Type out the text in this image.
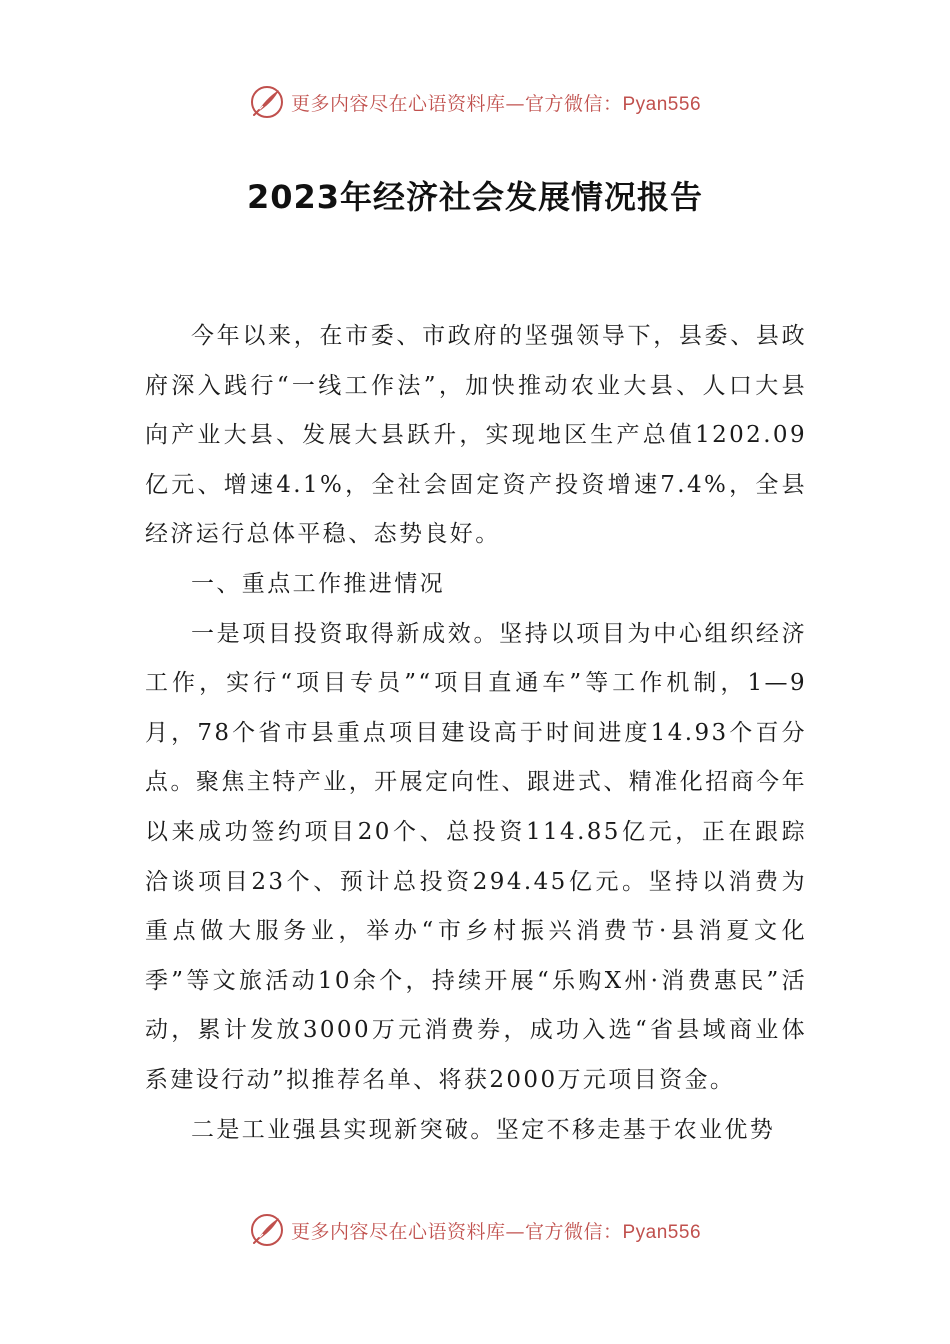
更多内容尽在心语资料库—官方微信：Pyan556
2023年经济社会发展情况报告

今年以来，在市委、市政府的坚强领导下，县委、县政府深入践行“一线工作法”，加快推动农业大县、人口大县向产业大县、发展大县跃升，实现地区生产总值1202.09亿元、增速4.1%，全社会固定资产投资增速7.4%，全县经济运行总体平稳、态势良好。

一、重点工作推进情况

一是项目投资取得新成效。坚持以项目为中心组织经济工作，实行“项目专员”“项目直通车”等工作机制，1—9月，78个省市县重点项目建设高于时间进度14.93个百分点。聚焦主特产业，开展定向性、跟进式、精准化招商今年以来成功签约项目20个、总投资114.85亿元，正在跟踪洽谈项目23个、预计总投资294.45亿元。坚持以消费为重点做大服务业，举办“市乡村振兴消费节·县消夏文化季”等文旅活动10余个，持续开展“乐购X州·消费惠民”活动，累计发放3000万元消费券，成功入选“省县域商业体系建设行动”拟推荐名单、将获2000万元项目资金。

二是工业强县实现新突破。坚定不移走基于农业优势

更多内容尽在心语资料库—官方微信：Pyan556
